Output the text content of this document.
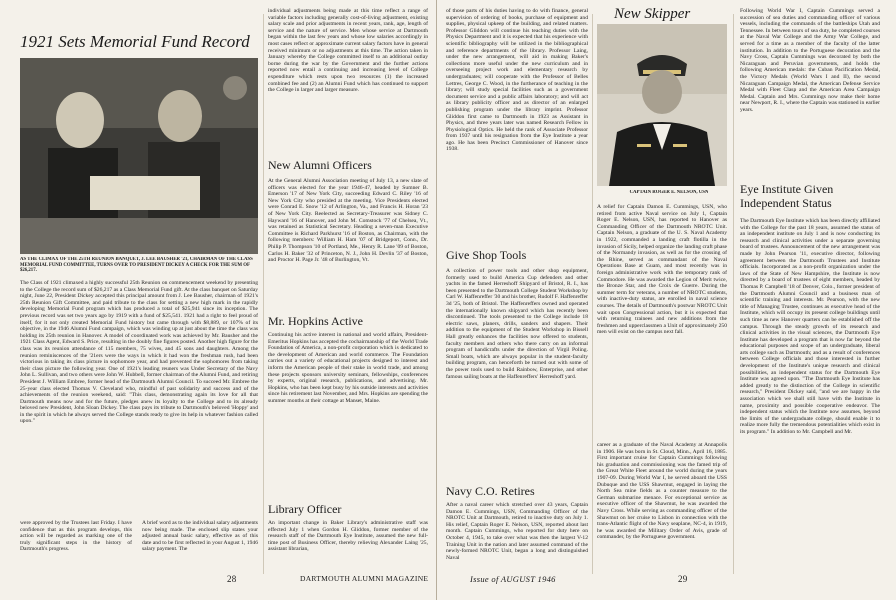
1921 Sets Memorial Fund Record
AS THE CLIMAX OF THE 25TH REUNION BANQUET, J. LEE BAUSHER '21, CHAIRMAN OF THE CLASS MEMORIAL FUND COMMITTEE, TURNS OVER TO PRESIDENT DICKEY A CHECK FOR THE SUM OF $26,217.

The Class of 1921 climaxed a highly successful 25th Reunion on commencement weekend by presenting to the College the record sum of $26,217 as a Class Memorial Fund gift. At the class banquet on Saturday night, June 22, President Dickey accepted this principal amount from J. Lee Bausher, chairman of 1921's 25th Reunion Gift Committee, and paid tribute to the class for setting a new high mark in the rapidly developing Memorial Fund program which has produced a total of $25,941 since its inception. The previous record was set two years ago by 1919 with a fund of $25,541. 1921 had a right to feel proud of itself, for it not only created Memorial Fund history but came through with $8,889, or 107% of its objective, in the 1946 Alumni Fund campaign, which was winding up at just about the time the class was holding its 25th reunion in Hanover. A model of coordinated work was achieved by Mr. Bausher and the 1921 Class Agent, Edward S. Price, resulting in the doubly fine figures posted. Another high figure for the class was its reunion attendance of 115 members, 75 wives, and 45 sons and daughters. Among the reunion reminiscences of the '21ers were the ways in which it had won the freshman rush, had been victorious in taking its class picture in sophomore year, and had prevented the sophomores from taking their class picture the following year. One of 1921's leading reuners was Under Secretary of the Navy John L. Sullivan, and two others were John W. Hubbell, former chairman of the Alumni Fund, and retiring President J. William Embree, former head of the Dartmouth Alumni Council. To succeed Mr. Embree the 25-year class elected Thomas V. Cleveland who, mindful of past solidarity and success and of the achievements of the reunion weekend, said: "This class, demonstrating again its love for all that Dartmouth means now and for the future, pledges anew its loyalty to the College and to its already beloved new President, John Sloan Dickey. The class pays its tribute to Dartmouth's beloved 'Hoppy' and in the spirit in which he always served the College stands ready to give its help in whatever fashion called upon."

were approved by the Trustees last Friday. I have confidence that as this program develops, this action will be regarded as marking one of the truly significant steps in the history of Dartmouth's progress.

A brief word as to the individual salary adjustments now being made. The enclosed slip states your adjusted annual basic salary, effective as of this date and to be first reflected in your August 1, 1946 salary payment. The

individual adjustments being made at this time reflect a range of variable factors including generally cost-of-living adjustment, existing salary scale and prior adjustments in recent years, rank, age, length of service and the nature of service. Men whose service at Dartmouth began within the last few years and whose low salaries accordingly in most cases reflect or approximate current salary factors have in general received minimum or no adjustments at this time. The action taken in January whereby the College committed itself to an additional outlay borne during the war by the Government and the further actions reported now entail a continuing and increasing level of College expenditure which rests upon two resources (1) the increased combined fee and (2) an Alumni Fund which has continued to support the College in larger and larger measure.

New Alumni Officers

At the General Alumni Association meeting of July 13, a new slate of officers was elected for the year 1946-47, headed by Sumner B. Emerson '17 of New York City, succeeding Edward C. Riley '16 of New York City who presided at the meeting. Vice Presidents elected were Conrad E. Snow '12 of Arlington, Va., and Francis H. Horan '23 of New York City. Reelected as Secretary-Treasurer was Sidney C. Hayward '16 of Hanover, and John M. Comstock '77 of Chelsea, Vt., was retained as Statistical Secretary. Heading a seven-man Executive Committee is Richard Parkhurst '16 of Boston, as Chairman, with the following members: William H. Ham '07 of Bridgeport, Conn., Dr. Philip P. Thompson '10 of Portland, Me., Henry R. Lane '09 of Boston, Carlos H. Baker '32 of Princeton, N. J., John H. Devlin '37 of Boston, and Proctor H. Page Jr. '48 of Burlington, Vt.

Mr. Hopkins Active

Continuing his active interest in national and world affairs, President-Emeritus Hopkins has accepted the cochairmanship of the World Trade Foundation of America, a non-profit corporation which is dedicated to the development of American and world commerce. The Foundation carries out a variety of educational projects designed to interest and inform the American people of their stake in world trade, and among these projects sponsors university seminars, fellowships, conferences by experts, original research, publications, and advertising. Mr. Hopkins, who has been kept busy by his outside interests and activities since his retirement last November, and Mrs. Hopkins are spending the summer months at their cottage at Manset, Maine.

Library Officer

An important change in Baker Library's administrative staff was effected July 1 when Gordon H. Gliddon, former member of the research staff of the Dartmouth Eye Institute, assumed the new full-time post of Business Officer, thereby relieving Alexander Laing '25, assistant librarian,

28	DARTMOUTH ALUMNI MAGAZINE

of those parts of his duties having to do with finance, general supervision of ordering of books, purchase of equipment and supplies, physical upkeep of the building, and related matters. Professor Gliddon will continue his teaching duties with the Physics Department and it is expected that his experience with scientific bibliography will be utilized in the bibliographical and reference departments of the library. Professor Laing, under the new arrangement, will aid in making Baker's collections more useful under the new curriculum and in overseeing project work and elementary research by undergraduates; will cooperate with the Professor of Belles Lettres, George C. Wood, in the furtherance of teaching in the library; will study special facilities such as a government document service and a public affairs laboratory; and will act as library publicity officer and as director of an enlarged publishing program under the library imprint. Professor Gliddon first came to Dartmouth in 1923 as Assistant in Physics, and three years later was named Research Fellow in Physiological Optics. He held the rank of Associate Professor from 1937 until his resignation from the Eye Institute a year ago. He has been Precinct Commissioner of Hanover since 1938.

Give Shop Tools

A collection of power tools and other shop equipment, formerly used to build America Cup defenders and other yachts in the famed Herreshoff Shipyard of Bristol, R. I., has been presented to the Dartmouth College Student Workshop by Carl W. Haffenreffer '30 and his brother, Rudolf F. Haffenreffer 3d '25, both of Bristol. The Haffenreffers owned and operated the internationally known shipyard which has recently been discontinued. The tools presented to the College include 18 electric saws, planers, drills, sanders and shapers. Their addition to the equipment of the Student Workshop in Bissell Hall greatly enhances the facilities now offered to students, faculty members and others who there carry on an informal program of handicrafts under the direction of Virgil Poling. Small boats, which are always popular in the student-faculty building program, can henceforth be turned out with some of the power tools used to build Rainbow, Enterprise, and other famous sailing boats at the Haffenreffers' Herreshoff yard.

Navy C.O. Retires

After a naval career which stretched over 43 years, Captain Damon E. Cummings, USN, Commanding Officer of the NROTC Unit at Dartmouth, retired to inactive duty on July 1. His relief, Captain Roger E. Nelson, USN, reported about last month. Captain Cummings, who reported for duty here on October 4, 1945, to take over what was then the largest V-12 Training Unit in the nation and later assumed command of the newly-formed NROTC Unit, began a long and distinguished Naval

New Skipper
CAPTAIN ROGER E. NELSON, USN

A relief for Captain Damon E. Cummings, USN, who retired from active Naval service on July 1, Captain Roger E. Nelson, USN, has reported to Hanover as Commanding Officer of the Dartmouth NROTC Unit. Captain Nelson, a graduate of the U. S. Naval Academy in 1922, commanded a landing craft flotilla in the invasion of Sicily, helped organize the landing craft phase of the Normandy invasion, as well as for the crossing of the Rhine, served as commandant of the Naval Operations Base at Guam, and most recently was in foreign administrative work with the temporary rank of Commodore. He was awarded the Legion of Merit twice, the Bronze Star, and the Croix de Guerre. During the summer term for veterans, a number of NROTC students, with inactive-duty status, are enrolled in naval science courses. The details of Dartmouth's postwar NROTC Unit wait upon Congressional action, but it is expected that with returning trainees and new additions from the freshmen and upperclassmen a Unit of approximately 250 men will exist on the campus next fall.

career as a graduate of the Naval Academy at Annapolis in 1906. He was born in St. Cloud, Minn., April 16, 1885. First important cruise for Captain Cummings following his graduation and commissioning was the famed trip of the Great White Fleet around the world during the years 1907-09. During World War I, he served aboard the USS Dubuque and the USS Shawmut, engaged in laying the North Sea mine fields as a counter measure to the German submarine menace. For exceptional service as executive officer of the Shawmut, he was awarded the Navy Cross. While serving as commanding officer of the Shawmut on her cruise to Lisbon in connection with the trans-Atlantic flight of the Navy seaplane, NC-4, in 1919, he was awarded the Military Order of Avis, grade of commander, by the Portuguese government.

Following World War I, Captain Cummings served a succession of sea duties and commanding officer of various vessels, including the commands of the battleships Utah and Tennessee. In between tours of sea duty, he completed courses at the Naval War College and the Army War College, and served for a time as a member of the faculty of the latter institution. In addition to the Portuguese decoration and the Navy Cross, Captain Cummings was decorated by both the Nicaraguan and Peruvian governments, and holds the following American medals: the Cuban Pacification Medal, the Victory Medals (World Wars I and II), the second Nicaraguan Campaign Medal, the American Defense Service Medal with Fleet Clasp and the American Area Campaign Medal. Captain and Mrs. Cummings now make their home near Newport, R. I., where the Captain was stationed in earlier years.

Eye Institute Given Independent Status

The Dartmouth Eye Institute which has been directly affiliated with the College for the past 18 years, assumed the status of an independent institute on July 1 and is now conducting its research and clinical activities under a separate governing board of trustees. Announcement of the new arrangement was made by John Pearson '11, executive director, following agreement between the Dartmouth Trustees and Institute officials. Incorporated as a non-profit organization under the laws of the State of New Hampshire, the Institute is now directed by a board of trustees of eight members, headed by Thomas P. Campbell '18 of Denver, Colo., former president of the Dartmouth Alumni Council and a business man of scientific training and interests. Mr. Pearson, with the new title of Managing Trustee, continues as executive head of the Institute, which will occupy its present college buildings until such time as new Hanover quarters can be established off the campus. Through the steady growth of its research and clinical activities in the visual sciences, the Dartmouth Eye Institute has developed a program that is now far beyond the educational purposes and scope of an undergraduate, liberal arts college such as Dartmouth; and as a result of conferences between College officials and those interested in further development of the Institute's unique research and clinical possibilities, an independent status for the Dartmouth Eye Institute was agreed upon. "The Dartmouth Eye Institute has added greatly to the distinction of the College in scientific research," President Dickey said, "and we are happy in the association which we shall still have with the Institute in name, proximity and possible cooperative endeavor. The independent status which the Institute now assumes, beyond the limits of the undergraduate college, should enable it to realize more fully the tremendous potentialities which exist in its program." In addition to Mr. Campbell and Mr.

Issue of AUGUST 1946	29
